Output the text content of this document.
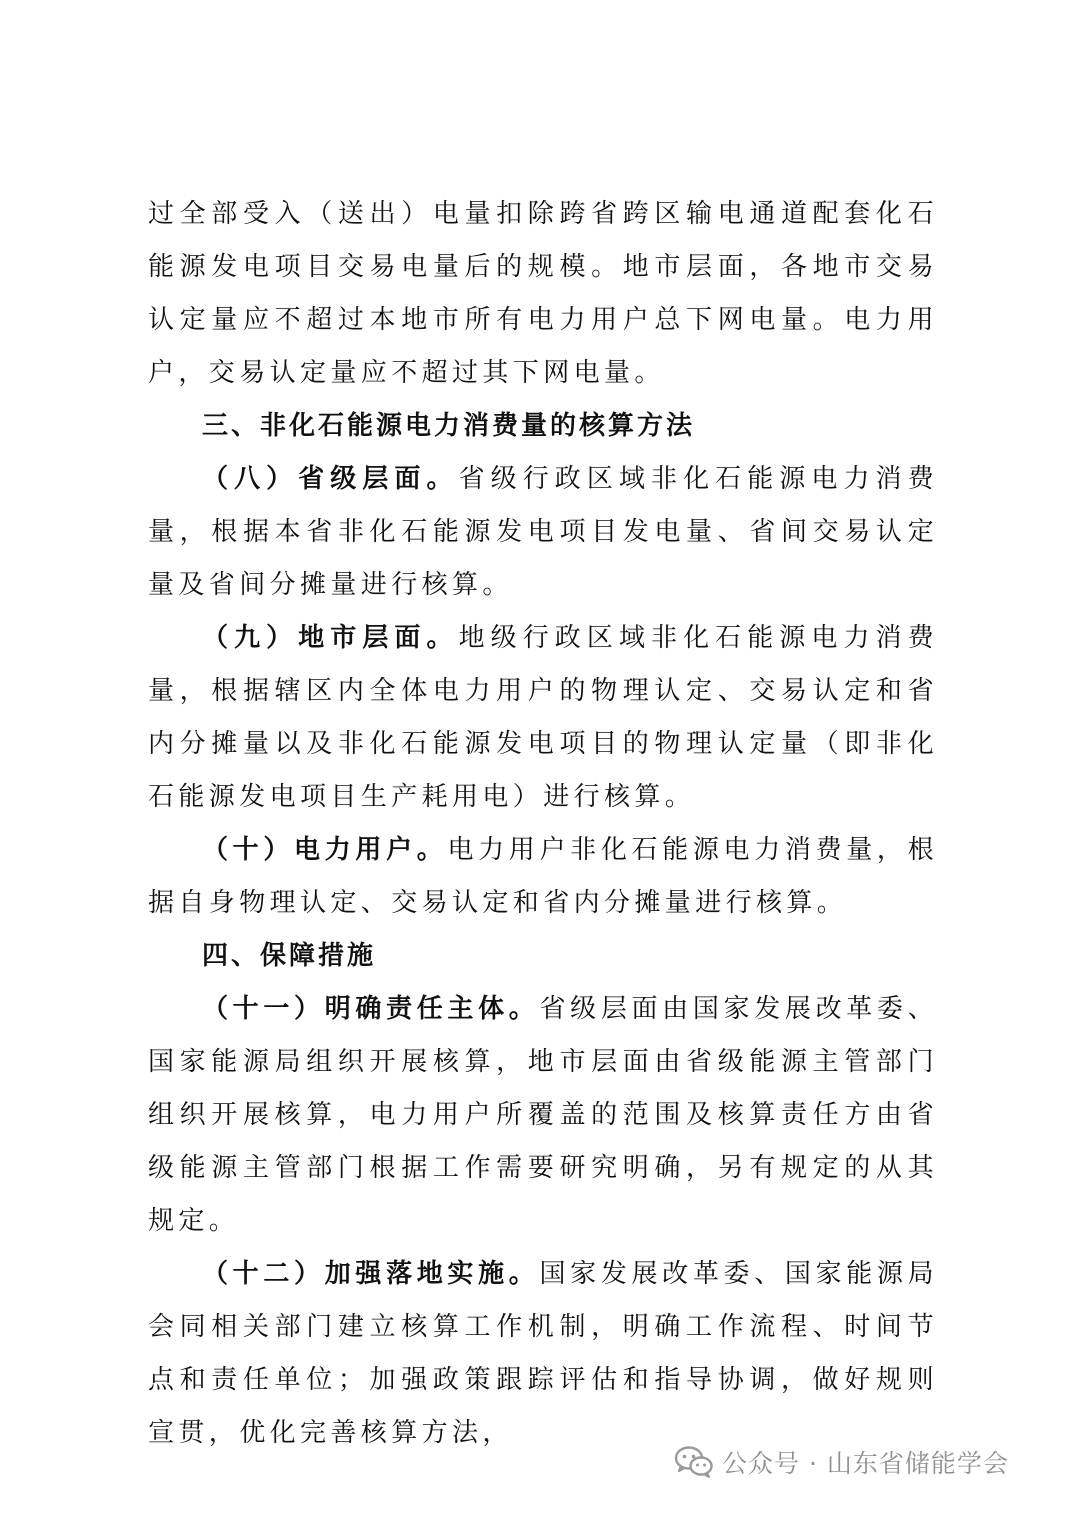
过全部受入（送出）电量扣除跨省跨区输电通道配套化石能源发电项目交易电量后的规模。地市层面，各地市交易认定量应不超过本地市所有电力用户总下网电量。电力用户，交易认定量应不超过其下网电量。

三、非化石能源电力消费量的核算方法

（八）省级层面。省级行政区域非化石能源电力消费量，根据本省非化石能源发电项目发电量、省间交易认定量及省间分摊量进行核算。

（九）地市层面。地级行政区域非化石能源电力消费量，根据辖区内全体电力用户的物理认定、交易认定和省内分摊量以及非化石能源发电项目的物理认定量（即非化石能源发电项目生产耗用电）进行核算。

（十）电力用户。电力用户非化石能源电力消费量，根据自身物理认定、交易认定和省内分摊量进行核算。

四、保障措施

（十一）明确责任主体。省级层面由国家发展改革委、国家能源局组织开展核算，地市层面由省级能源主管部门组织开展核算，电力用户所覆盖的范围及核算责任方由省级能源主管部门根据工作需要研究明确，另有规定的从其规定。

（十二）加强落地实施。国家发展改革委、国家能源局会同相关部门建立核算工作机制，明确工作流程、时间节点和责任单位；加强政策跟踪评估和指导协调，做好规则宣贯，优化完善核算方法，

公众号 · 山东省储能学会
